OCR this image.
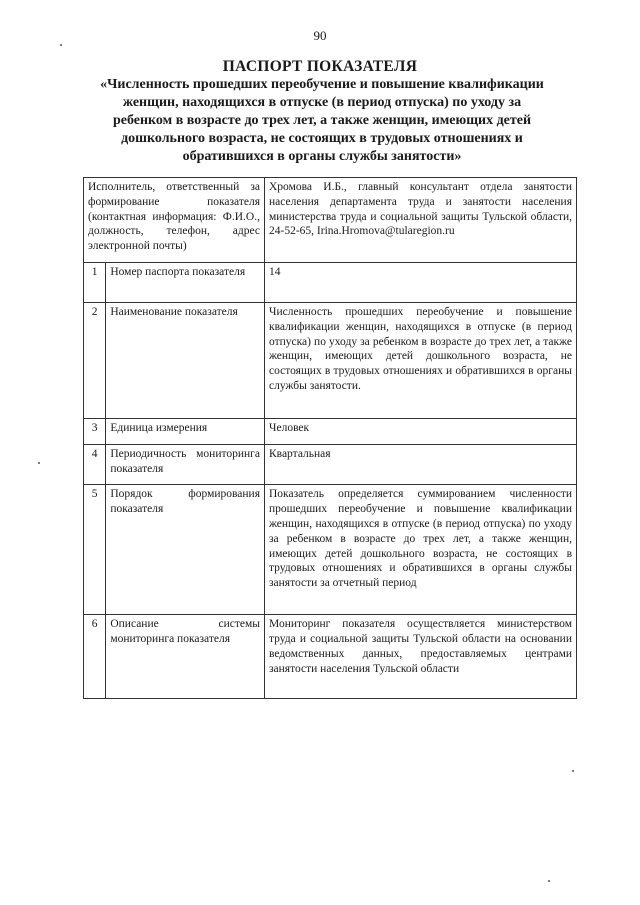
90
ПАСПОРТ ПОКАЗАТЕЛЯ
«Численность прошедших переобучение и повышение квалификации женщин, находящихся в отпуске (в период отпуска) по уходу за ребенком в возрасте до трех лет, а также женщин, имеющих детей дошкольного возраста, не состоящих в трудовых отношениях и обратившихся в органы службы занятости»
Исполнитель, ответственный за формирование показателя (контактная информация: Ф.И.О., должность, телефон, адрес электронной почты)		Хромова И.Б., главный консультант отдела занятости населения департамента труда и занятости населения министерства труда и социальной защиты Тульской области, 24-52-65, Irina.Hromova@tularegion.ru
1	Номер паспорта показателя	14
2	Наименование показателя	Численность прошедших переобучение и повышение квалификации женщин, находящихся в отпуске (в период отпуска) по уходу за ребенком в возрасте до трех лет, а также женщин, имеющих детей дошкольного возраста, не состоящих в трудовых отношениях и обратившихся в органы службы занятости.
3	Единица измерения	Человек
4	Периодичность мониторинга показателя	Квартальная
5	Порядок формирования показателя	Показатель определяется суммированием численности прошедших переобучение и повышение квалификации женщин, находящихся в отпуске (в период отпуска) по уходу за ребенком в возрасте до трех лет, а также женщин, имеющих детей дошкольного возраста, не состоящих в трудовых отношениях и обратившихся в органы службы занятости за отчетный период
6	Описание системы мониторинга показателя	Мониторинг показателя осуществляется министерством труда и социальной защиты Тульской области на основании ведомственных данных, предоставляемых центрами занятости населения Тульской области
